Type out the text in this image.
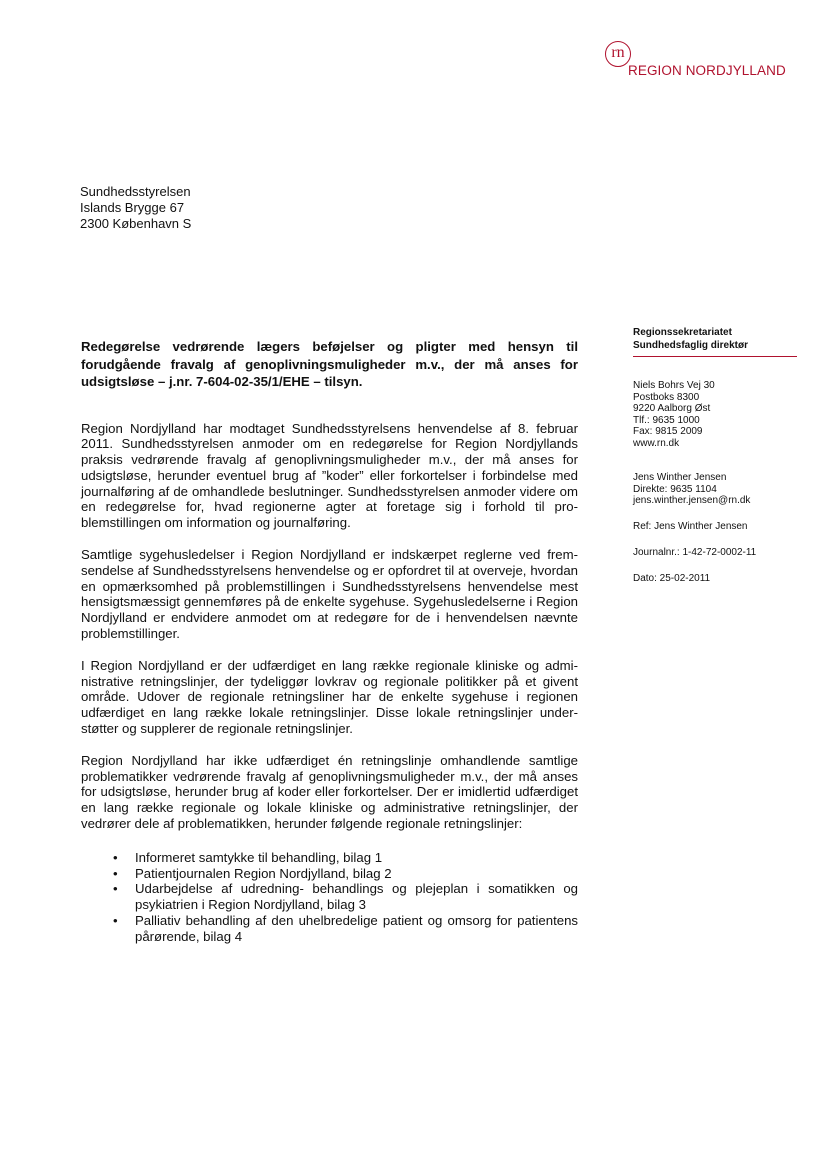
rn
REGION NORDJYLLAND
Sundhedsstyrelsen
Islands Brygge 67
2300 København S
Regionssekretariatet
Sundhedsfaglig direktør
Niels Bohrs Vej 30
Postboks 8300
9220 Aalborg Øst
Tlf.: 9635 1000
Fax: 9815 2009
www.rn.dk
Jens Winther Jensen
Direkte: 9635 1104
jens.winther.jensen@rn.dk
Ref: Jens Winther Jensen
Journalnr.: 1-42-72-0002-11
Dato: 25-02-2011

Redegørelse vedrørende lægers beføjelser og pligter med hensyn til forudgående fravalg af genoplivningsmuligheder m.v., der må anses for udsigtsløse – j.nr. 7-604-02-35/1/EHE – tilsyn.

Region Nordjylland har modtaget Sundhedsstyrelsens henvendelse af 8. februar 2011. Sundhedsstyrelsen anmoder om en redegørelse for Region Nordjyllands praksis vedrørende fravalg af genoplivningsmuligheder m.v., der må anses for udsigtsløse, herunder eventuel brug af ”koder” eller forkortelser i forbindelse med journalføring af de omhandlede beslutninger. Sundhedsstyrelsen anmoder videre om en redegørelse for, hvad regionerne agter at foretage sig i forhold til problemstillingen om information og journalføring.

Samtlige sygehusledelser i Region Nordjylland er indskærpet reglerne ved fremsendelse af Sundhedsstyrelsens henvendelse og er opfordret til at overveje, hvordan en opmærksomhed på problemstillingen i Sundhedsstyrelsens henvendelse mest hensigtsmæssigt gennemføres på de enkelte sygehuse. Sygehusledelserne i Region Nordjylland er endvidere anmodet om at redegøre for de i henvendelsen nævnte problemstillinger.

I Region Nordjylland er der udfærdiget en lang række regionale kliniske og administrative retningslinjer, der tydeliggør lovkrav og regionale politikker på et givent område. Udover de regionale retningsliner har de enkelte sygehuse i regionen udfærdiget en lang række lokale retningslinjer. Disse lokale retningslinjer understøtter og supplerer de regionale retningslinjer.

Region Nordjylland har ikke udfærdiget én retningslinje omhandlende samtlige problematikker vedrørende fravalg af genoplivningsmuligheder m.v., der må anses for udsigtsløse, herunder brug af koder eller forkortelser. Der er imidlertid udfærdiget en lang række regionale og lokale kliniske og administrative retningslinjer, der vedrører dele af problematikken, herunder følgende regionale retningslinjer:

• Informeret samtykke til behandling, bilag 1
• Patientjournalen Region Nordjylland, bilag 2
• Udarbejdelse af udredning- behandlings og plejeplan i somatikken og psykiatrien i Region Nordjylland, bilag 3
• Palliativ behandling af den uhelbredelige patient og omsorg for patientens pårørende, bilag 4
